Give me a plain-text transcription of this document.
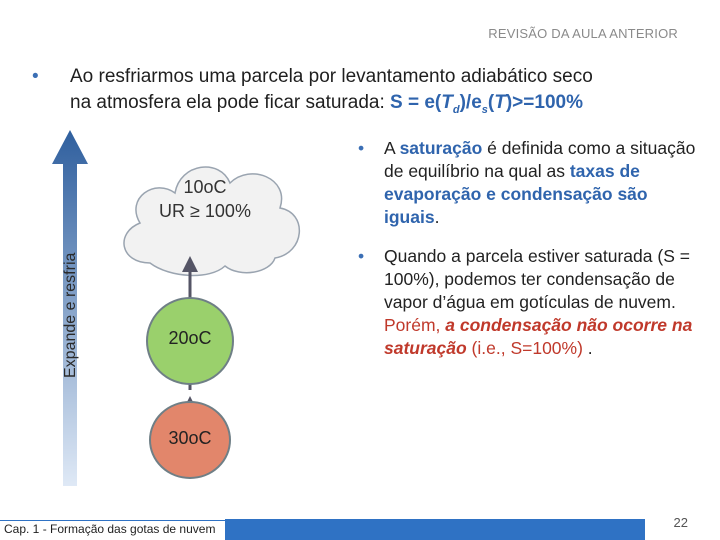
REVISÃO DA AULA ANTERIOR
•	Ao resfriarmos uma parcela por levantamento adiabático seco
na atmosfera ela pode ficar saturada: $S = e(T_d)/e_s(T)>=100\%$
Expande e resfria
10oC
UR ≥ 100%
20oC
30oC
•	A saturação é definida como a situação de equilíbrio na qual as taxas de evaporação e condensação são iguais.
•	Quando a parcela estiver saturada (S = 100%), podemos ter condensação de vapor d’água em gotículas de nuvem. Porém, a condensação não ocorre na saturação (i.e., S=100%) .
Cap. 1 - Formação das gotas de nuvem	22
